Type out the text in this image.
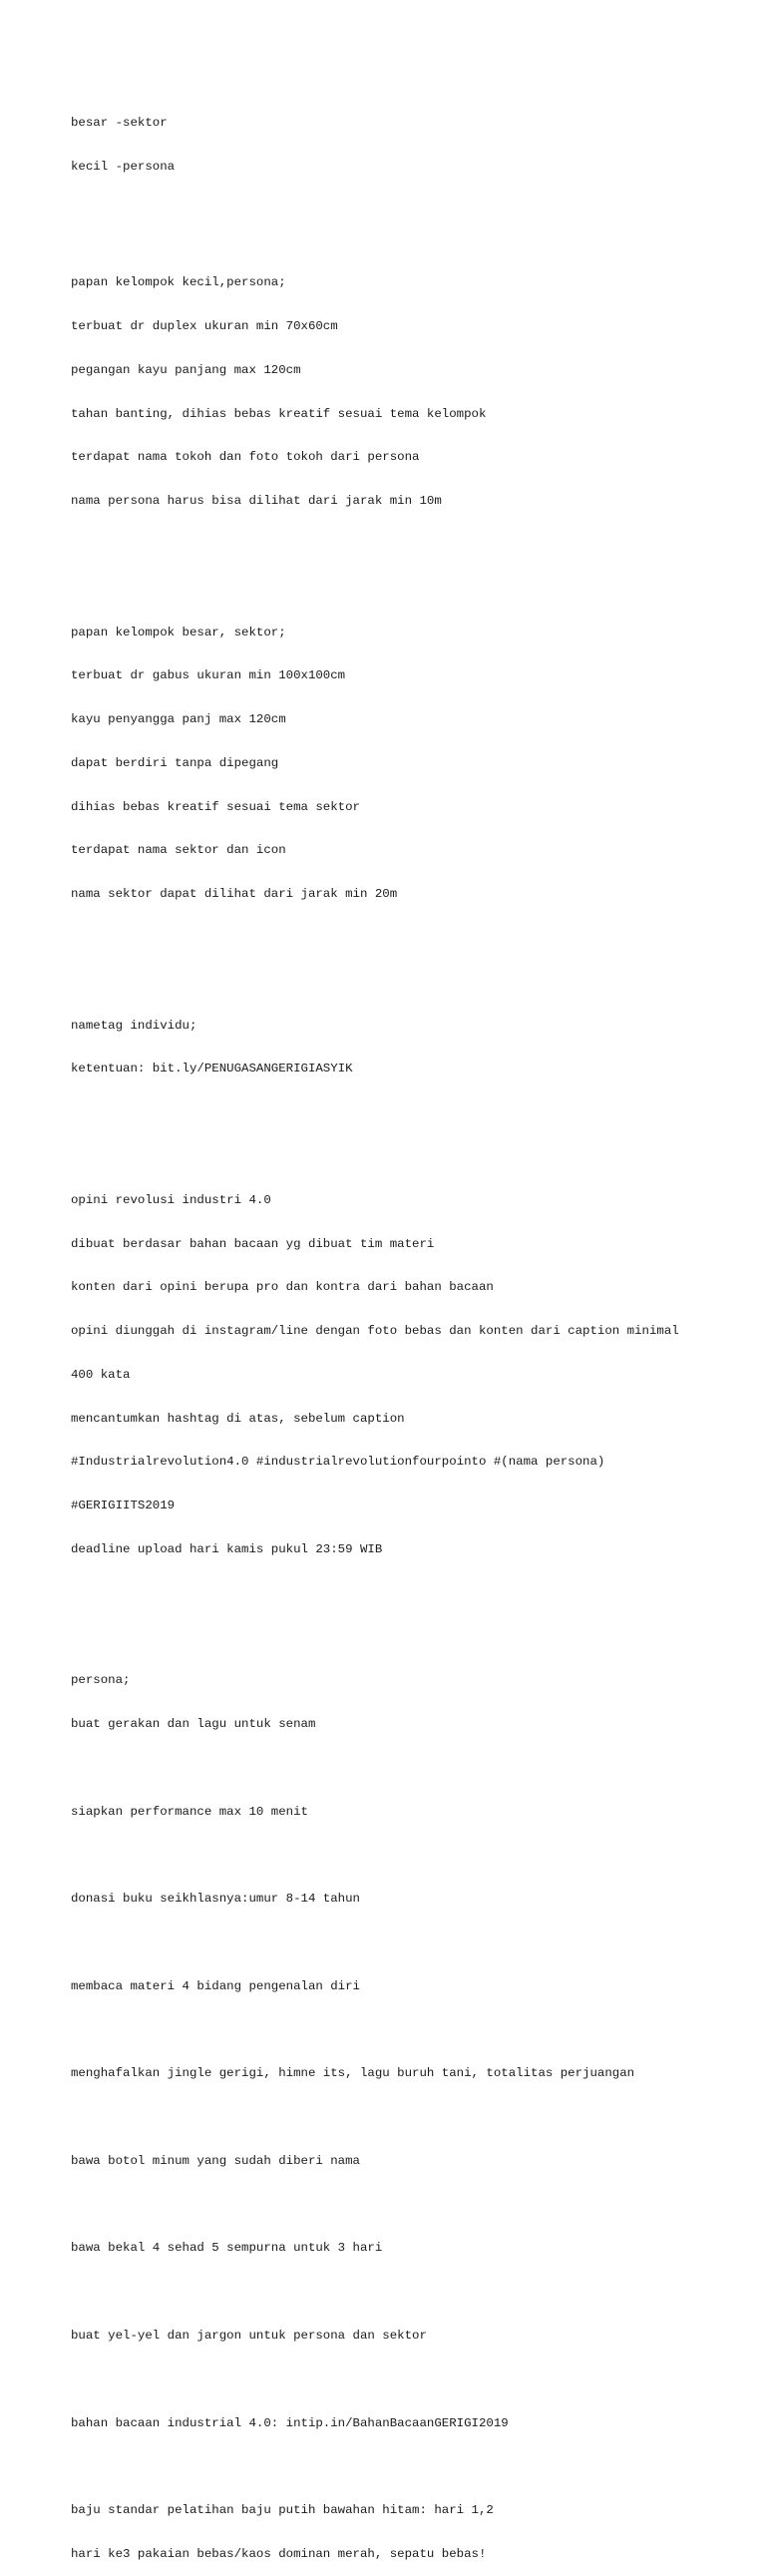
besar -sektor

kecil -persona

papan kelompok kecil,persona;

terbuat dr duplex ukuran min 70x60cm

pegangan kayu panjang max 120cm

tahan banting, dihias bebas kreatif sesuai tema kelompok

terdapat nama tokoh dan foto tokoh dari persona

nama persona harus bisa dilihat dari jarak min 10m

papan kelompok besar, sektor;

terbuat dr gabus ukuran min 100x100cm

kayu penyangga panj max 120cm

dapat berdiri tanpa dipegang

dihias bebas kreatif sesuai tema sektor

terdapat nama sektor dan icon

nama sektor dapat dilihat dari jarak min 20m

nametag individu;

ketentuan: bit.ly/PENUGASANGERIGIASYIK

opini revolusi industri 4.0

dibuat berdasar bahan bacaan yg dibuat tim materi

konten dari opini berupa pro dan kontra dari bahan bacaan

opini diunggah di instagram/line dengan foto bebas dan konten dari caption minimal

400 kata

mencantumkan hashtag di atas, sebelum caption

#Industrialrevolution4.0 #industrialrevolutionfourpointo #(nama persona)

#GERIGIITS2019

deadline upload hari kamis pukul 23:59 WIB

persona;

buat gerakan dan lagu untuk senam

siapkan performance max 10 menit

donasi buku seikhlasnya:umur 8-14 tahun

membaca materi 4 bidang pengenalan diri

menghafalkan jingle gerigi, himne its, lagu buruh tani, totalitas perjuangan

bawa botol minum yang sudah diberi nama

bawa bekal 4 sehad 5 sempurna untuk 3 hari

buat yel-yel dan jargon untuk persona dan sektor

bahan bacaan industrial 4.0: intip.in/BahanBacaanGERIGI2019

baju standar pelatihan baju putih bawahan hitam: hari 1,2

hari ke3 pakaian bebas/kaos dominan merah, sepatu bebas!
